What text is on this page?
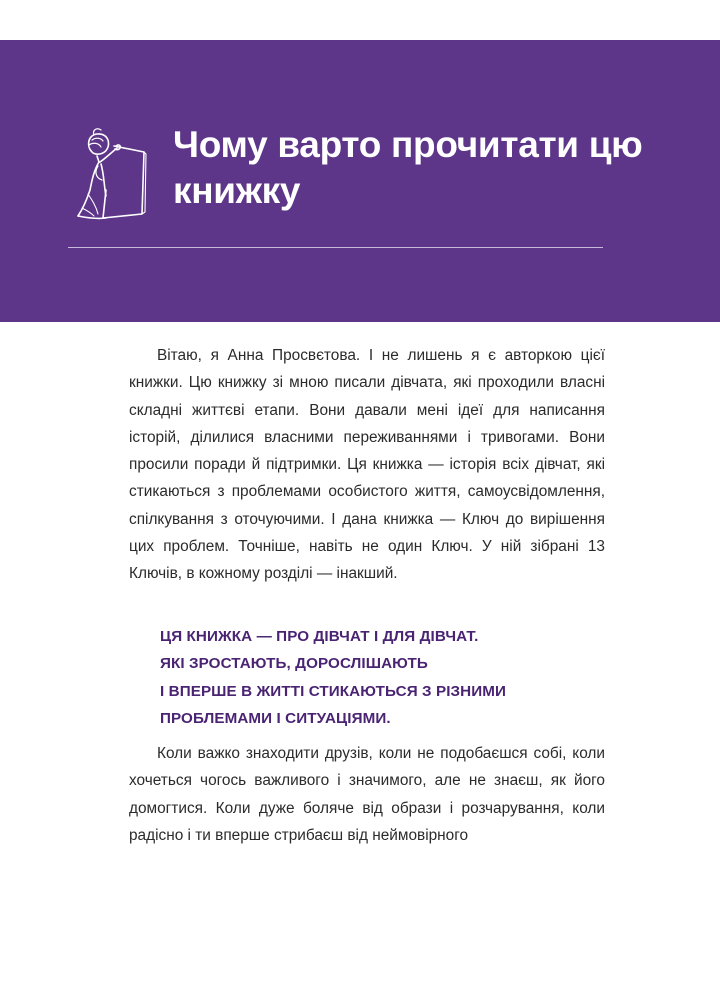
Чому варто прочитати цю книжку

Вітаю, я Анна Просвєтова. І не лишень я є авторкою цієї книжки. Цю книжку зі мною писали дівчата, які проходили власні складні життєві етапи. Вони давали мені ідеї для написання історій, ділилися власними переживаннями і тривогами. Вони просили поради й підтримки. Ця книжка — історія всіх дівчат, які стикаються з проблемами особистого життя, самоусвідомлення, спілкування з оточуючими. І дана книжка — Ключ до вирішення цих проблем. Точніше, навіть не один Ключ. У ній зібрані 13 Ключів, в кожному розділі — інакший.

ЦЯ КНИЖКА — ПРО ДІВЧАТ І ДЛЯ ДІВЧАТ.
ЯКІ ЗРОСТАЮТЬ, ДОРОСЛІШАЮТЬ
І ВПЕРШЕ В ЖИТТІ СТИКАЮТЬСЯ З РІЗНИМИ
ПРОБЛЕМАМИ І СИТУАЦІЯМИ.

Коли важко знаходити друзів, коли не подобаєшся собі, коли хочеться чогось важливого і значимого, але не знаєш, як його домогтися. Коли дуже боляче від образи і розчарування, коли радісно і ти вперше стрибаєш від неймовірного
